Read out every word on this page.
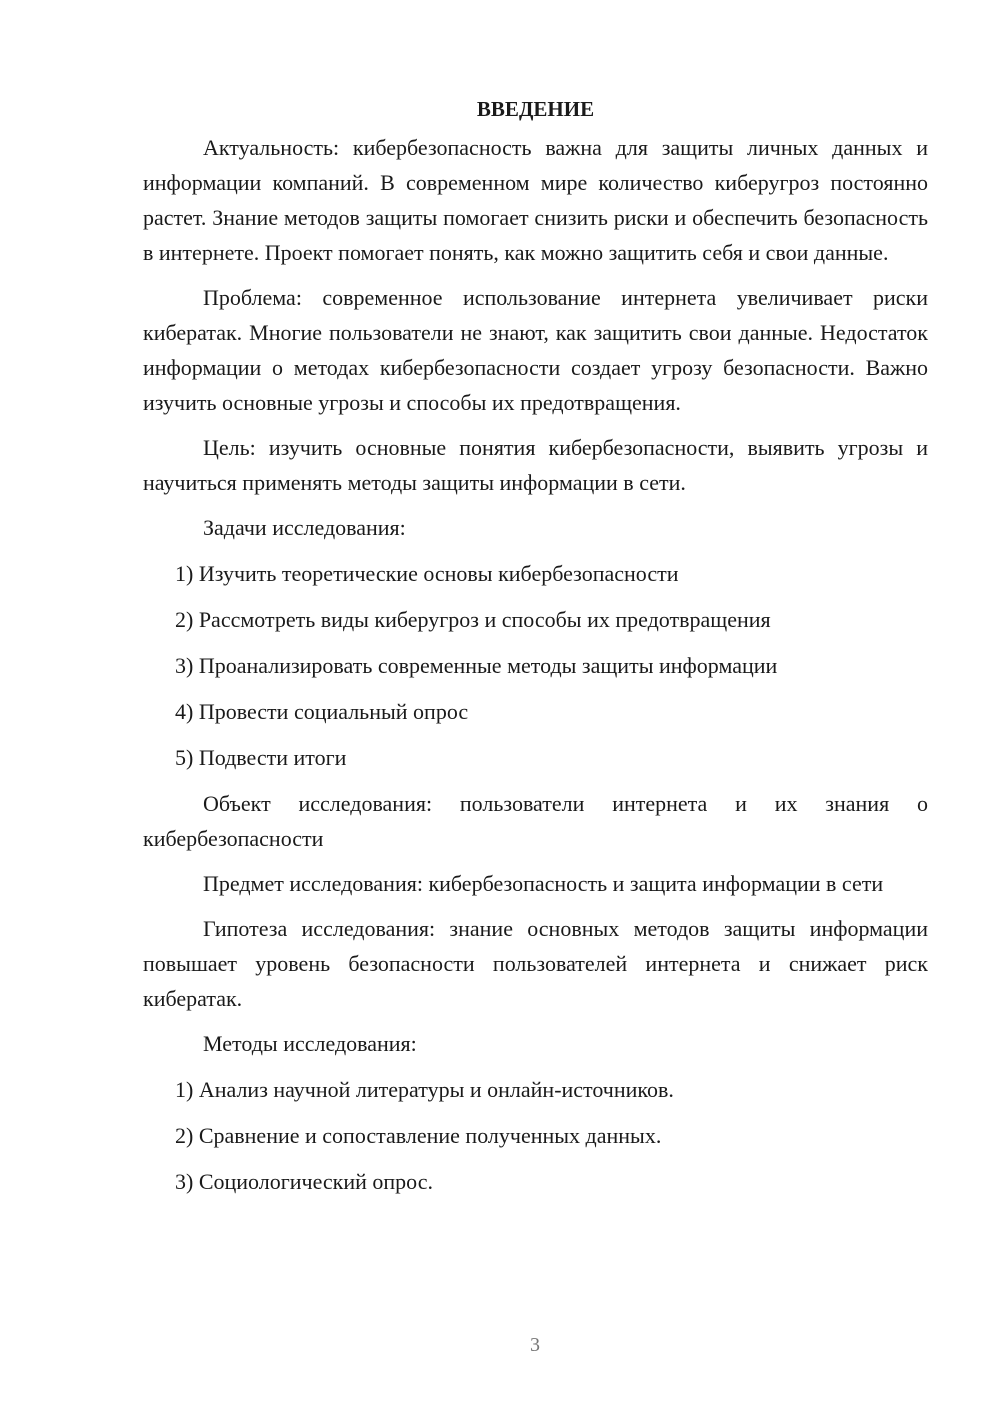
ВВЕДЕНИЕ

Актуальность: кибербезопасность важна для защиты личных данных и информации компаний. В современном мире количество киберугроз постоянно растет. Знание методов защиты помогает снизить риски и обеспечить безопасность в интернете. Проект помогает понять, как можно защитить себя и свои данные.

Проблема: современное использование интернета увеличивает риски кибератак. Многие пользователи не знают, как защитить свои данные. Недостаток информации о методах кибербезопасности создает угрозу безопасности. Важно изучить основные угрозы и способы их предотвращения.

Цель: изучить основные понятия кибербезопасности, выявить угрозы и научиться применять методы защиты информации в сети.

Задачи исследования:
1) Изучить теоретические основы кибербезопасности
2) Рассмотреть виды киберугроз и способы их предотвращения
3) Проанализировать современные методы защиты информации
4) Провести социальный опрос
5) Подвести итоги

Объект исследования: пользователи интернета и их знания о кибербезопасности

Предмет исследования: кибербезопасность и защита информации в сети

Гипотеза исследования: знание основных методов защиты информации повышает уровень безопасности пользователей интернета и снижает риск кибератак.

Методы исследования:
1) Анализ научной литературы и онлайн-источников.
2) Сравнение и сопоставление полученных данных.
3) Социологический опрос.
3
